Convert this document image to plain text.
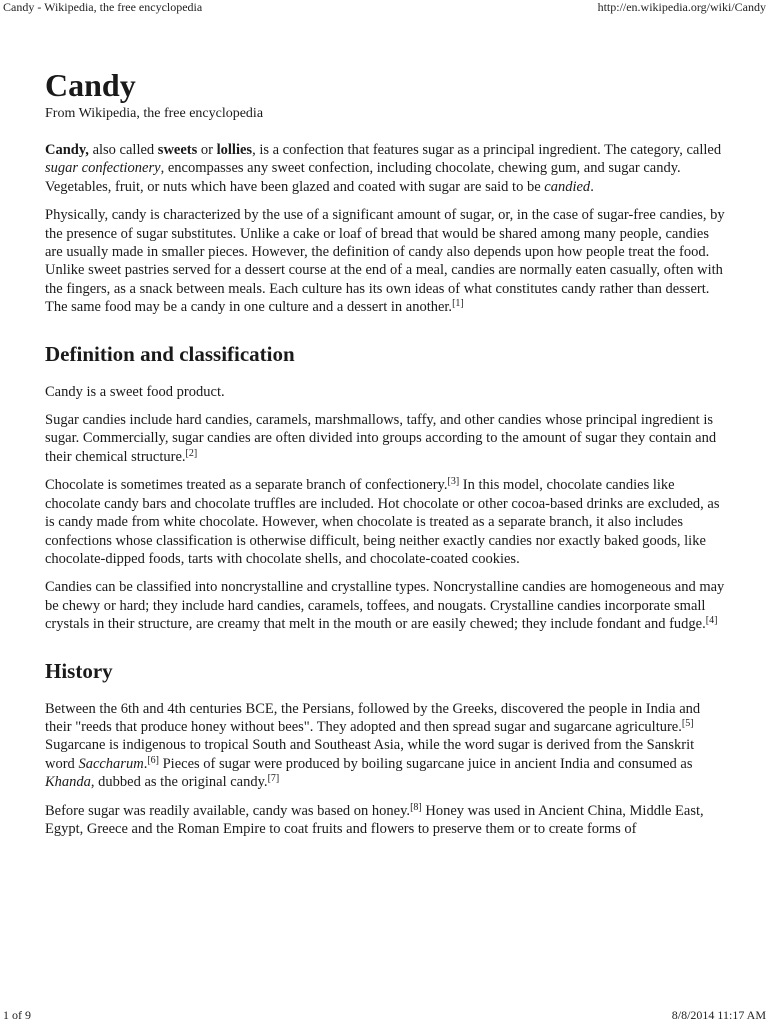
Candy - Wikipedia, the free encyclopedia	http://en.wikipedia.org/wiki/Candy
Candy
From Wikipedia, the free encyclopedia

Candy, also called sweets or lollies, is a confection that features sugar as a principal ingredient. The category, called sugar confectionery, encompasses any sweet confection, including chocolate, chewing gum, and sugar candy. Vegetables, fruit, or nuts which have been glazed and coated with sugar are said to be candied.

Physically, candy is characterized by the use of a significant amount of sugar, or, in the case of sugar-free candies, by the presence of sugar substitutes. Unlike a cake or loaf of bread that would be shared among many people, candies are usually made in smaller pieces. However, the definition of candy also depends upon how people treat the food. Unlike sweet pastries served for a dessert course at the end of a meal, candies are normally eaten casually, often with the fingers, as a snack between meals. Each culture has its own ideas of what constitutes candy rather than dessert. The same food may be a candy in one culture and a dessert in another.[1]

Definition and classification

Candy is a sweet food product.

Sugar candies include hard candies, caramels, marshmallows, taffy, and other candies whose principal ingredient is sugar. Commercially, sugar candies are often divided into groups according to the amount of sugar they contain and their chemical structure.[2]

Chocolate is sometimes treated as a separate branch of confectionery.[3] In this model, chocolate candies like chocolate candy bars and chocolate truffles are included. Hot chocolate or other cocoa-based drinks are excluded, as is candy made from white chocolate. However, when chocolate is treated as a separate branch, it also includes confections whose classification is otherwise difficult, being neither exactly candies nor exactly baked goods, like chocolate-dipped foods, tarts with chocolate shells, and chocolate-coated cookies.

Candies can be classified into noncrystalline and crystalline types. Noncrystalline candies are homogeneous and may be chewy or hard; they include hard candies, caramels, toffees, and nougats. Crystalline candies incorporate small crystals in their structure, are creamy that melt in the mouth or are easily chewed; they include fondant and fudge.[4]

History

Between the 6th and 4th centuries BCE, the Persians, followed by the Greeks, discovered the people in India and their "reeds that produce honey without bees". They adopted and then spread sugar and sugarcane agriculture.[5] Sugarcane is indigenous to tropical South and Southeast Asia, while the word sugar is derived from the Sanskrit word Saccharum.[6] Pieces of sugar were produced by boiling sugarcane juice in ancient India and consumed as Khanda, dubbed as the original candy.[7]

Before sugar was readily available, candy was based on honey.[8] Honey was used in Ancient China, Middle East, Egypt, Greece and the Roman Empire to coat fruits and flowers to preserve them or to create forms of

1 of 9	8/8/2014 11:17 AM
